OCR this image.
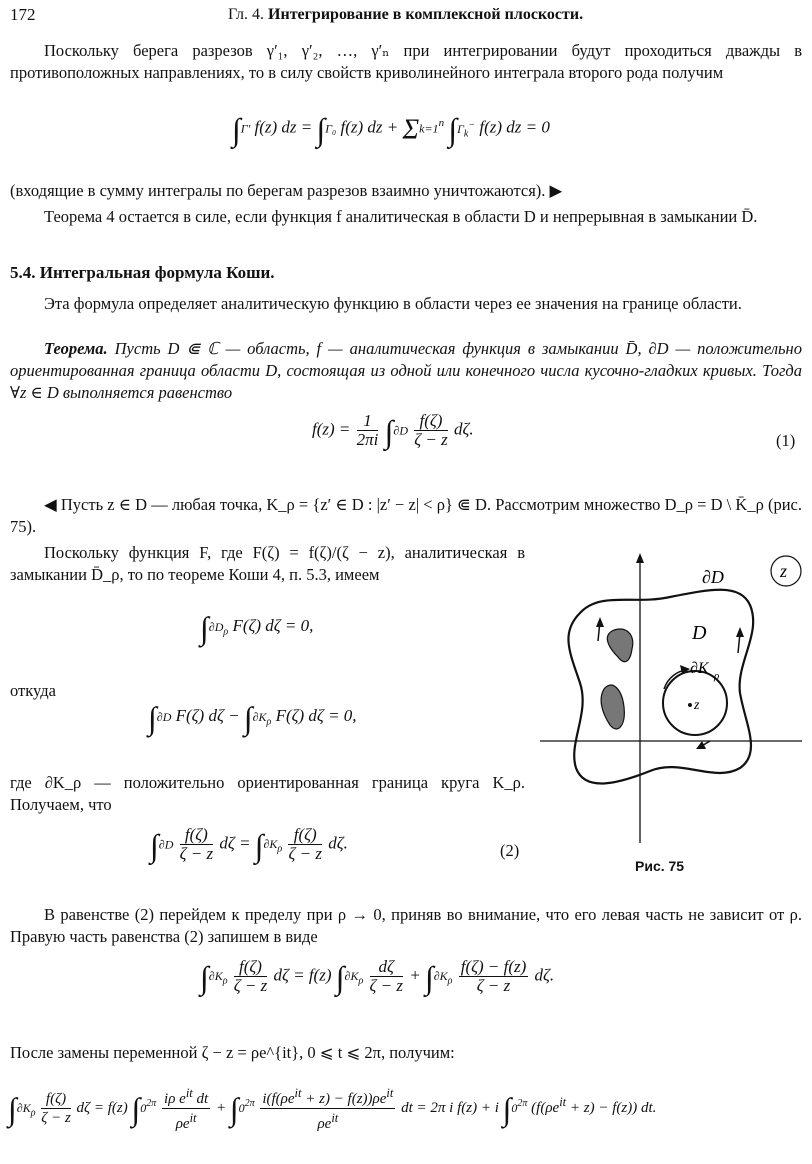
172	Гл. 4. Интегрирование в комплексной плоскости.
Поскольку берега разрезов γ′₁, γ′₂, …, γ′ₙ при интегрировании будут проходиться дважды в противоположных направлениях, то в силу свойств криволинейного интеграла второго рода получим
∫Γ′ f(z) dz = ∫Γ₀ f(z) dz + $\Sigma k=1^n$ $\int\Gamma_k^-$ f(z) dz = 0
(входящие в сумму интегралы по берегам разрезов взаимно уничтожаются). ▶
Теорема 4 остается в силе, если функция f аналитическая в области D и непрерывная в замыкании D̄.
5.4. Интегральная формула Коши.
Эта формула определяет аналитическую функцию в области через ее значения на границе области.
Теорема. Пусть D ⋐ ℂ — область, f — аналитическая функция в замыкании D̄, ∂D — положительно ориентированная граница области D, состоящая из одной или конечного числа кусочно-гладких кривых. Тогда ∀z ∈ D выполняется равенство
$f(z) = \frac{1}{2\pi i} \int\partial D \frac{f(\zeta)}{\zeta - z} d\zeta$.
(1)
◀ Пусть z ∈ D — любая точка, K_ρ = {z′ ∈ D : |z′ − z| < ρ} ⋐ D. Рассмотрим множество D_ρ = D \ K̄_ρ (рис. 75).
Поскольку функция F, где F(ζ) = f(ζ)/(ζ − z), аналитическая в замыкании D̄_ρ, то по теореме Коши 4, п. 5.3, имеем
$\int\partial D_\rho$ F(ζ) dζ = 0,
откуда
∫∂D F(ζ) $d\zeta - \int\partial K_\rho$ F(ζ) dζ = 0,
где ∂K_ρ — положительно ориентированная граница круга K_ρ. Получаем, что
$\int\partial D \frac{f(\zeta)}{\zeta - z}$ $d\zeta = \int\partial K_\rho \frac{f(\zeta)}{\zeta - z} d\zeta$.	(2)
В равенстве (2) перейдем к пределу при ρ → 0, приняв во внимание, что его левая часть не зависит от ρ. Правую часть равенства (2) запишем в виде
$\int\partial K_\rho \frac{f(\zeta)}{\zeta - z}$ dζ = f(z) $\int\partial K_\rho \frac{d\zeta}{\zeta - z} + \int\partial K_\rho \frac{f(\zeta) - f(z)}{\zeta - z} d\zeta$.
После замены переменной ζ − z = ρe^{it}, 0 ⩽ t ⩽ 2π, получим:
$\int\partial K_\rho \frac{f(\zeta)}{\zeta - z}$ dζ = f(z) $\int 0^{2\pi} \frac{i\rho e^{it} dt}{\rho e^{it}} + \int 0^{2\pi} \frac{i(f(\rho e^{it} + z) - f(z))\rho e^{it}}{\rho e^{it}}$ dt = 2π i f(z) + i $\int 0^{2\pi}$ $(f(\rho e^{it} + z) - f(z))$ dt.
z
∂D
D
∂K ρ
z
Рис. 75
